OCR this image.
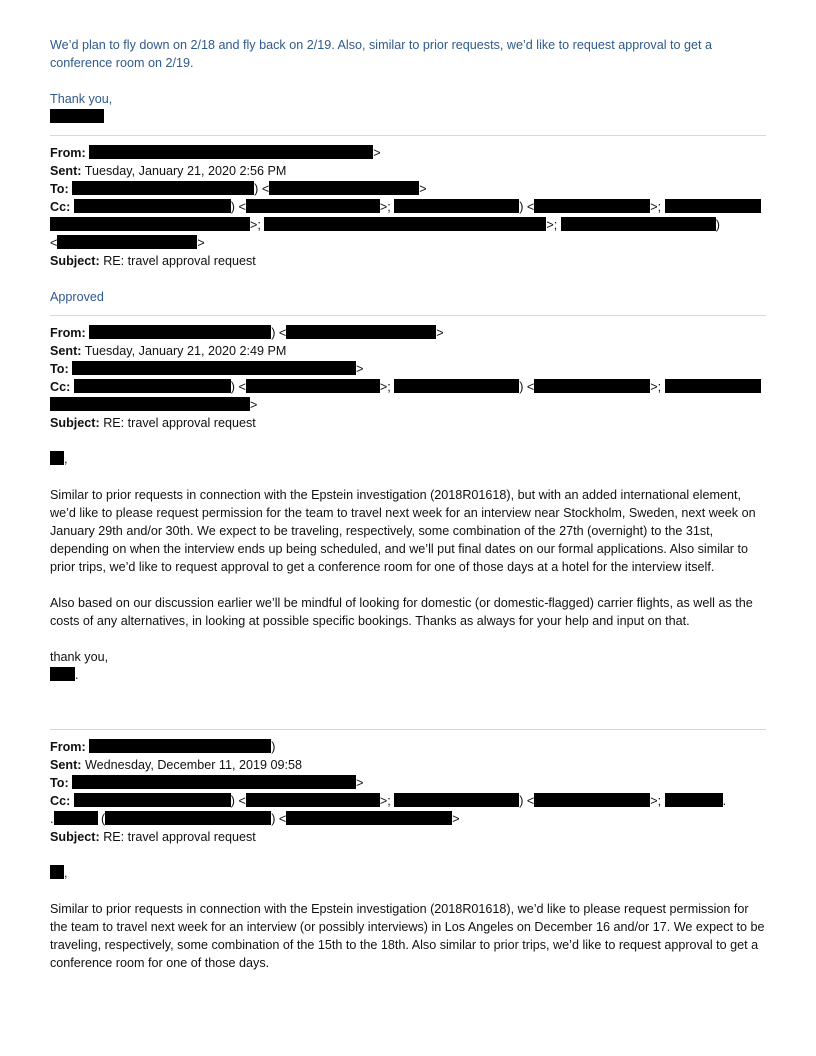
We’d plan to fly down on 2/18 and fly back on 2/19. Also, similar to prior requests, we’d like to request approval to get a conference room on 2/19.

Thank you,

From:	>
Sent: Tuesday, January 21, 2020 2:56 PM
To:	) <	>
Cc:	) <	>;	) <	>;
>;	>;	)
<	>
Subject: RE: travel approval request

Approved

From:	) <	>
Sent: Tuesday, January 21, 2020 2:49 PM
To:	>
Cc:	) <	>;	) <	>;
>
Subject: RE: travel approval request

,

Similar to prior requests in connection with the Epstein investigation (2018R01618), but with an added international element, we’d like to please request permission for the team to travel next week for an interview near Stockholm, Sweden, next week on January 29th and/or 30th. We expect to be traveling, respectively, some combination of the 27th (overnight) to the 31st, depending on when the interview ends up being scheduled, and we’ll put final dates on our formal applications. Also similar to prior trips, we’d like to request approval to get a conference room for one of those days at a hotel for the interview itself.

Also based on our discussion earlier we’ll be mindful of looking for domestic (or domestic-flagged) carrier flights, as well as the costs of any alternatives, in looking at possible specific bookings. Thanks as always for your help and input on that.

thank you,

.

From:	)
Sent: Wednesday, December 11, 2019 09:58
To:	>
Cc:	) <	>;	) <	>;	.
.	(	) <	>
Subject: RE: travel approval request

,

Similar to prior requests in connection with the Epstein investigation (2018R01618), we’d like to please request permission for the team to travel next week for an interview (or possibly interviews) in Los Angeles on December 16 and/or 17. We expect to be traveling, respectively, some combination of the 15th to the 18th. Also similar to prior trips, we’d like to request approval to get a conference room for one of those days.
